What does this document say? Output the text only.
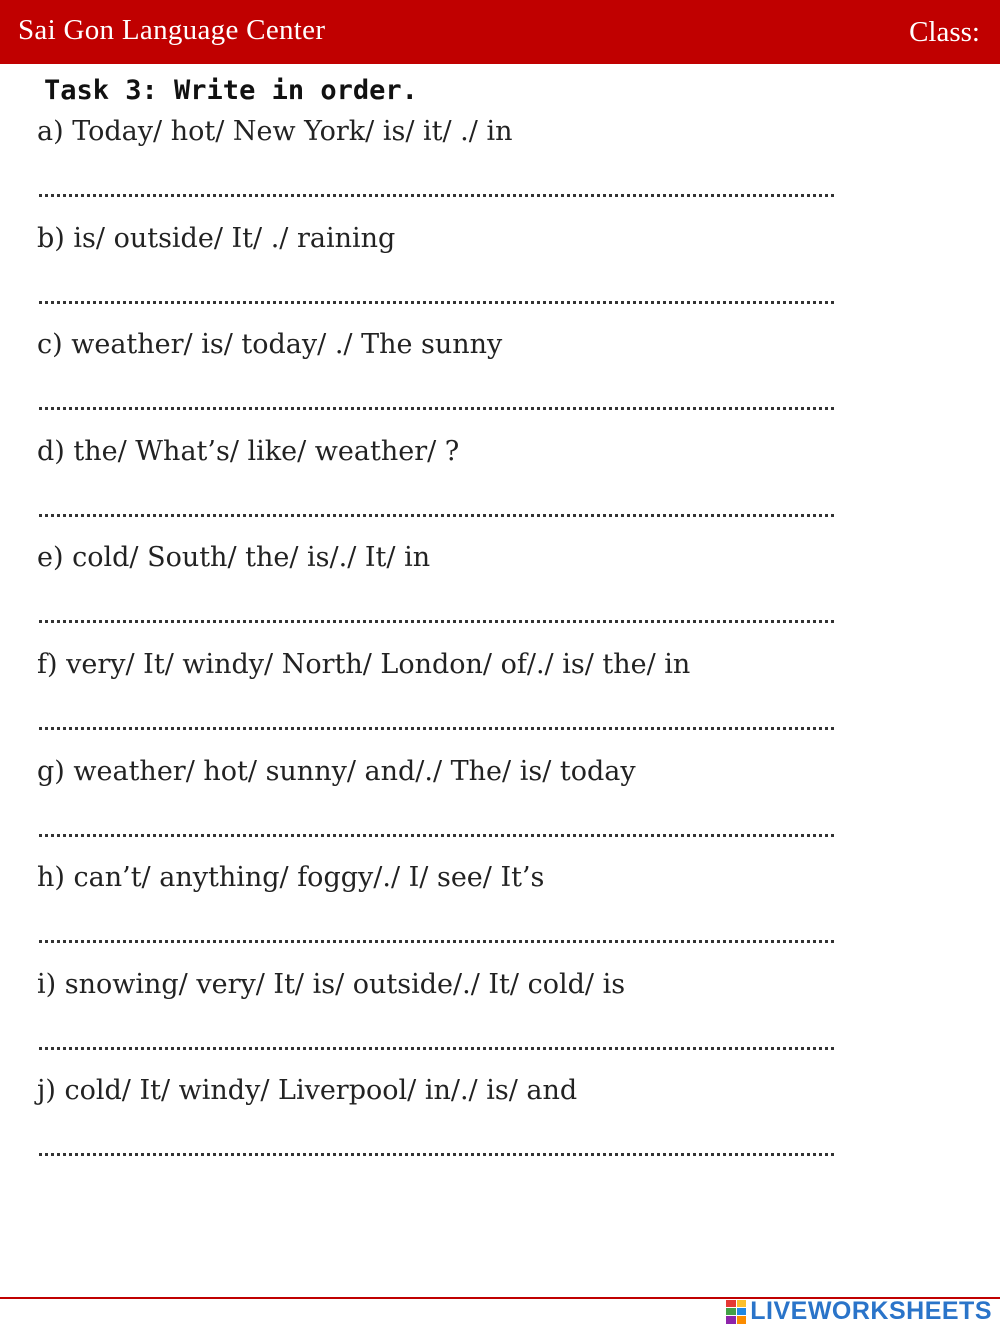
Sai Gon Language Center	Class:
Task 3: Write in order.
a) Today/ hot/ New York/ is/ it/ ./ in
b) is/ outside/ It/ ./ raining
c) weather/ is/ today/ ./ The sunny
d) the/ What’s/ like/ weather/ ?
e) cold/ South/ the/ is/./ It/ in
f) very/ It/ windy/ North/ London/ of/./ is/ the/ in
g) weather/ hot/ sunny/ and/./ The/ is/ today
h) can’t/ anything/ foggy/./ I/ see/ It’s
i) snowing/ very/ It/ is/ outside/./ It/ cold/ is
j) cold/ It/ windy/ Liverpool/ in/./ is/ and
LIVEWORKSHEETS
